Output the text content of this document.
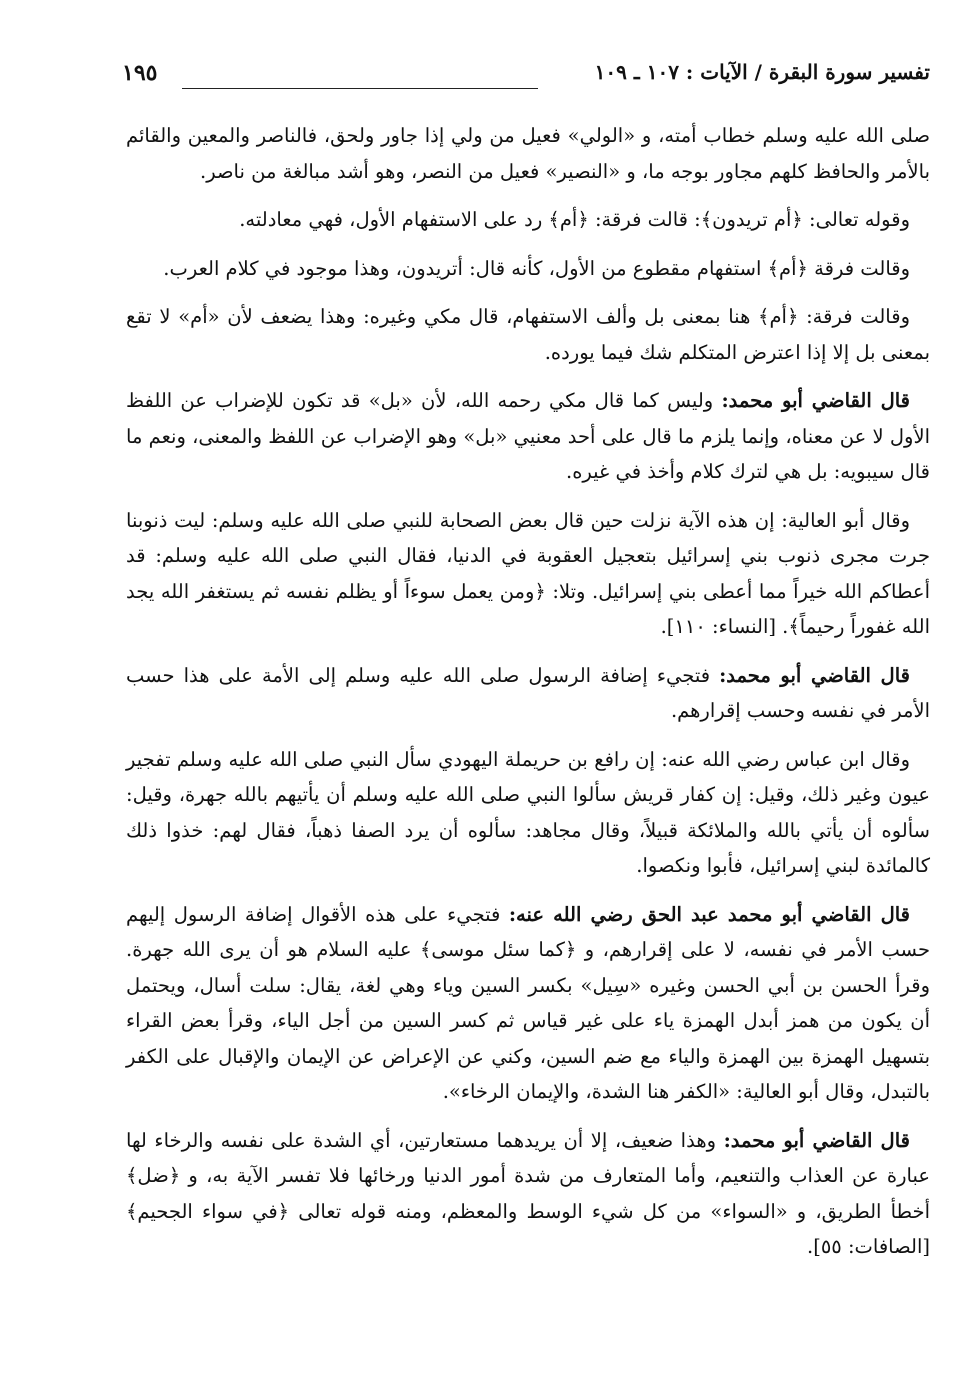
تفسير سورة البقرة / الآيات : ١٠٧ ـ ١٠٩
١٩٥

صلى الله عليه وسلم خطاب أمته، و «الولي» فعيل من ولي إذا جاور ولحق، فالناصر والمعين والقائم بالأمر والحافظ كلهم مجاور بوجه ما، و «النصير» فعيل من النصر، وهو أشد مبالغة من ناصر.

وقوله تعالى: ﴿أم تريدون﴾: قالت فرقة: ﴿أم﴾ رد على الاستفهام الأول، فهي معادلته.

وقالت فرقة ﴿أم﴾ استفهام مقطوع من الأول، كأنه قال: أتريدون، وهذا موجود في كلام العرب.

وقالت فرقة: ﴿أم﴾ هنا بمعنى بل وألف الاستفهام، قال مكي وغيره: وهذا يضعف لأن «أم» لا تقع بمعنى بل إلا إذا اعترض المتكلم شك فيما يورده.

قال القاضي أبو محمد: وليس كما قال مكي رحمه الله، لأن «بل» قد تكون للإضراب عن اللفظ الأول لا عن معناه، وإنما يلزم ما قال على أحد معنيي «بل» وهو الإضراب عن اللفظ والمعنى، ونعم ما قال سيبويه: بل هي لترك كلام وأخذ في غيره.

وقال أبو العالية: إن هذه الآية نزلت حين قال بعض الصحابة للنبي صلى الله عليه وسلم: ليت ذنوبنا جرت مجرى ذنوب بني إسرائيل بتعجيل العقوبة في الدنيا، فقال النبي صلى الله عليه وسلم: قد أعطاكم الله خيراً مما أعطى بني إسرائيل. وتلا: ﴿ومن يعمل سوءاً أو يظلم نفسه ثم يستغفر الله يجد الله غفوراً رحيماً﴾. [النساء: ١١٠].

قال القاضي أبو محمد: فتجيء إضافة الرسول صلى الله عليه وسلم إلى الأمة على هذا حسب الأمر في نفسه وحسب إقرارهم.

وقال ابن عباس رضي الله عنه: إن رافع بن حريملة اليهودي سأل النبي صلى الله عليه وسلم تفجير عيون وغير ذلك، وقيل: إن كفار قريش سألوا النبي صلى الله عليه وسلم أن يأتيهم بالله جهرة، وقيل: سألوه أن يأتي بالله والملائكة قبيلاً، وقال مجاهد: سألوه أن يرد الصفا ذهباً، فقال لهم: خذوا ذلك كالمائدة لبني إسرائيل، فأبوا ونكصوا.

قال القاضي أبو محمد عبد الحق رضي الله عنه: فتجيء على هذه الأقوال إضافة الرسول إليهم حسب الأمر في نفسه، لا على إقرارهم، و ﴿كما سئل موسى﴾ عليه السلام هو أن يرى الله جهرة. وقرأ الحسن بن أبي الحسن وغيره «سِيل» بكسر السين وياء وهي لغة، يقال: سلت أسال، ويحتمل أن يكون من همز أبدل الهمزة ياء على غير قياس ثم كسر السين من أجل الياء، وقرأ بعض القراء بتسهيل الهمزة بين الهمزة والياء مع ضم السين، وكني عن الإعراض عن الإيمان والإقبال على الكفر بالتبدل، وقال أبو العالية: «الكفر هنا الشدة، والإيمان الرخاء».

قال القاضي أبو محمد: وهذا ضعيف، إلا أن يريدهما مستعارتين، أي الشدة على نفسه والرخاء لها عبارة عن العذاب والتنعيم، وأما المتعارف من شدة أمور الدنيا ورخائها فلا تفسر الآية به، و ﴿ضل﴾ أخطأ الطريق، و «السواء» من كل شيء الوسط والمعظم، ومنه قوله تعالى ﴿في سواء الجحيم﴾ [الصافات: ٥٥].
